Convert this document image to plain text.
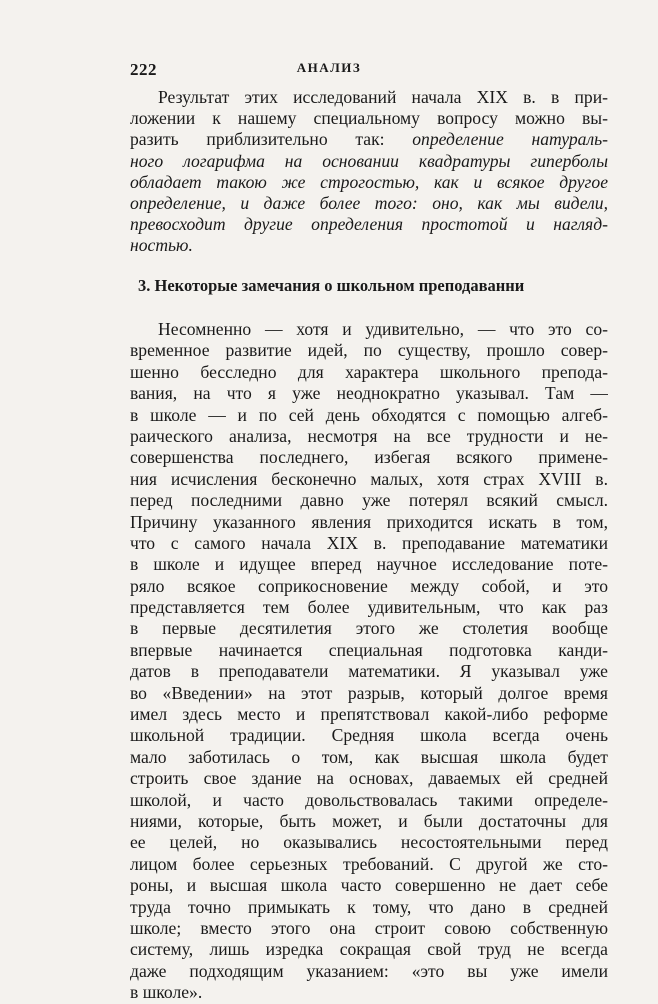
222	АНАЛИЗ
Результат этих исследований начала XIX в. в при-
ложении к нашему специальному вопросу можно вы-
разить приблизительно так: определение натураль-
ного логарифма на основании квадратуры гиперболы
обладает такою же строгостью, как и всякое другое
определение, и даже более того: оно, как мы видели,
превосходит другие определения простотой и нагляд-
ностью.
3. Некоторые замечания о школьном преподаванни
Несомненно — хотя и удивительно, — что это со-
временное развитие идей, по существу, прошло совер-
шенно бесследно для характера школьного препода-
вания, на что я уже неоднократно указывал. Там —
в школе — и по сей день обходятся с помощью алгеб-
раического анализа, несмотря на все трудности и не-
совершенства последнего, избегая всякого примене-
ния исчисления бесконечно малых, хотя страх XVIII в.
перед последними давно уже потерял всякий смысл.
Причину указанного явления приходится искать в том,
что с самого начала XIX в. преподавание математики
в школе и идущее вперед научное исследование поте-
ряло всякое соприкосновение между собой, и это
представляется тем более удивительным, что как раз
в первые десятилетия этого же столетия вообще
впервые начинается специальная подготовка канди-
датов в преподаватели математики. Я указывал уже
во «Введении» на этот разрыв, который долгое время
имел здесь место и препятствовал какой-либо реформе
школьной традиции. Средняя школа всегда очень
мало заботилась о том, как высшая школа будет
строить свое здание на основах, даваемых ей средней
школой, и часто довольствовалась такими определе-
ниями, которые, быть может, и были достаточны для
ее целей, но оказывались несостоятельными перед
лицом более серьезных требований. С другой же сто-
роны, и высшая школа часто совершенно не дает себе
труда точно примыкать к тому, что дано в средней
школе; вместо этого она строит совою собственную
систему, лишь изредка сокращая свой труд не всегда
даже подходящим указанием: «это вы уже имели
в школе».
